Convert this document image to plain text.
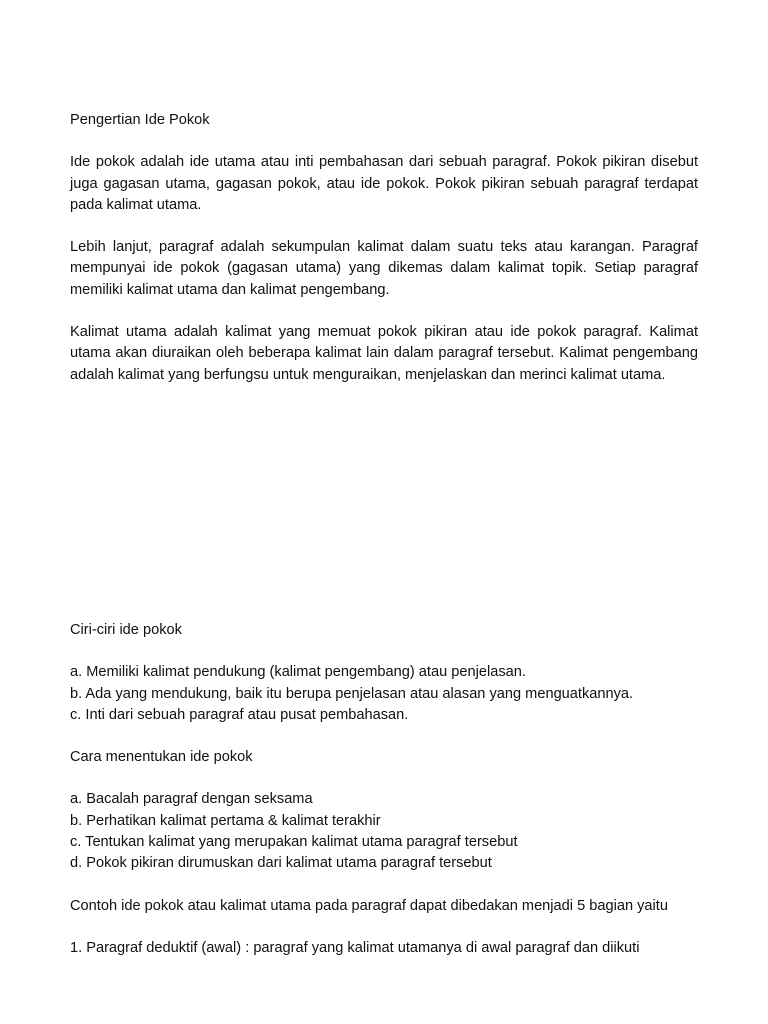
Pengertian Ide Pokok

Ide pokok adalah ide utama atau inti pembahasan dari sebuah paragraf. Pokok pikiran disebut juga gagasan utama, gagasan pokok, atau ide pokok. Pokok pikiran sebuah paragraf terdapat pada kalimat utama.

Lebih lanjut, paragraf adalah sekumpulan kalimat dalam suatu teks atau karangan. Paragraf mempunyai ide pokok (gagasan utama) yang dikemas dalam kalimat topik. Setiap paragraf memiliki kalimat utama dan kalimat pengembang.

Kalimat utama adalah kalimat yang memuat pokok pikiran atau ide pokok paragraf. Kalimat utama akan diuraikan oleh beberapa kalimat lain dalam paragraf tersebut. Kalimat pengembang adalah kalimat yang berfungsu untuk menguraikan, menjelaskan dan merinci kalimat utama.

Ciri-ciri ide pokok
a. Memiliki kalimat pendukung (kalimat pengembang) atau penjelasan.
b. Ada yang mendukung, baik itu berupa penjelasan atau alasan yang menguatkannya.
c. Inti dari sebuah paragraf atau pusat pembahasan.
Cara menentukan ide pokok
a. Bacalah paragraf dengan seksama
b. Perhatikan kalimat pertama & kalimat terakhir
c. Tentukan kalimat yang merupakan kalimat utama paragraf tersebut
d. Pokok pikiran dirumuskan dari kalimat utama paragraf tersebut

Contoh ide pokok atau kalimat utama pada paragraf dapat dibedakan menjadi 5 bagian yaitu

1. Paragraf deduktif (awal) : paragraf yang kalimat utamanya di awal paragraf dan diikuti
